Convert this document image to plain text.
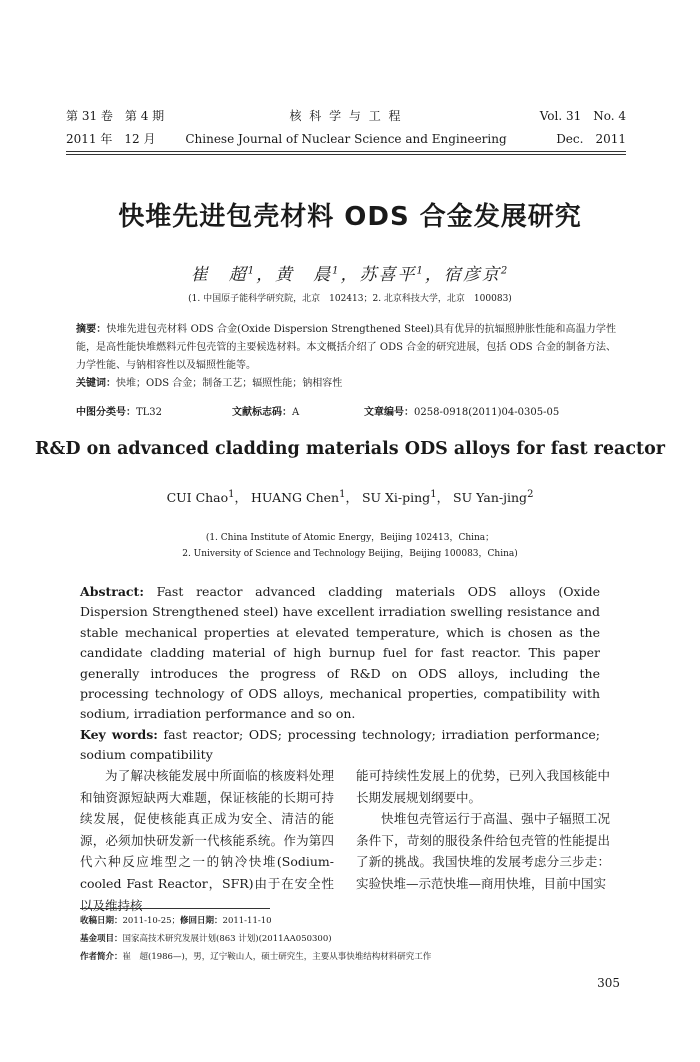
第 31 卷　第 4 期	核 科 学 与 工 程	Vol. 31　No. 4
2011 年　12 月	Chinese Journal of Nuclear Science and Engineering	Dec.　2011
快堆先进包壳材料 ODS 合金发展研究
崔　超$^1$，黄　晨$^1$，苏喜平$^1$，宿彦京$^2$
(1. 中国原子能科学研究院，北京　102413；2. 北京科技大学，北京　100083)
摘要：快堆先进包壳材料 ODS 合金(Oxide Dispersion Strengthened Steel)具有优异的抗辐照肿胀性能和高温力学性能，是高性能快堆燃料元件包壳管的主要候选材料。本文概括介绍了 ODS 合金的研究进展，包括 ODS 合金的制备方法、力学性能、与钠相容性以及辐照性能等。
关键词：快堆；ODS 合金；制备工艺；辐照性能；钠相容性
中图分类号：TL32	文献标志码：A	文章编号：0258-0918(2011)04-0305-05
R&D on advanced cladding materials ODS alloys for fast reactor
CUI Chao$^1$， HUANG Chen$^1$， SU Xi-ping$^1$， SU Yan-jing$^2$
(1. China Institute of Atomic Energy，Beijing 102413，China；
2. University of Science and Technology Beijing，Beijing 100083，China)
Abstract: Fast reactor advanced cladding materials ODS alloys (Oxide Dispersion Strengthened steel) have excellent irradiation swelling resistance and stable mechanical properties at elevated temperature, which is chosen as the candidate cladding material of high burnup fuel for fast reactor. This paper generally introduces the progress of R&D on ODS alloys, including the processing technology of ODS alloys, mechanical properties, compatibility with sodium, irradiation performance and so on.
Key words: fast reactor; ODS; processing technology; irradiation performance; sodium compatibility

为了解决核能发展中所面临的核废料处理和铀资源短缺两大难题，保证核能的长期可持续发展，促使核能真正成为安全、清洁的能源，必须加快研发新一代核能系统。作为第四代六种反应堆型之一的钠冷快堆(Sodium-cooled Fast Reactor，SFR)由于在安全性以及维持核

能可持续性发展上的优势，已列入我国核能中长期发展规划纲要中。

快堆包壳管运行于高温、强中子辐照工况条件下，苛刻的服役条件给包壳管的性能提出了新的挑战。我国快堆的发展考虑分三步走：实验快堆—示范快堆—商用快堆，目前中国实

收稿日期：2011-10-25；修回日期：2011-11-10
基金项目：国家高技术研究发展计划(863 计划)(2011AA050300)
作者简介：崔　超(1986—)，男，辽宁鞍山人，硕士研究生，主要从事快堆结构材料研究工作
305
